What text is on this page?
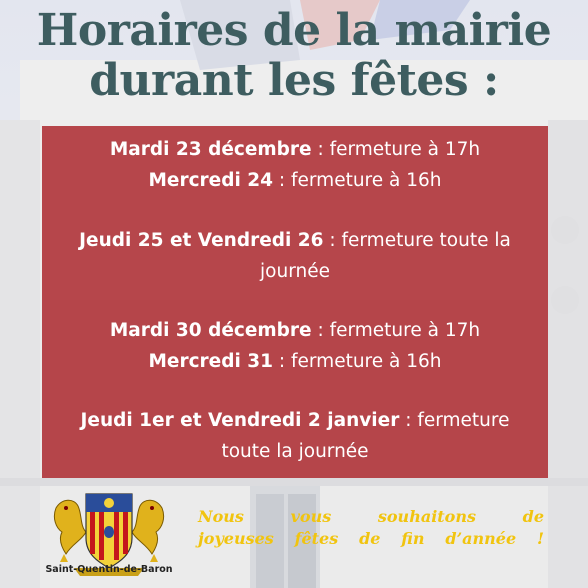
Horaires de la mairie
durant les fêtes :
Mardi 23 décembre : fermeture à 17h
Mercredi 24 : fermeture à 16h
Jeudi 25 et Vendredi 26 : fermeture toute la
journée
Mardi 30 décembre : fermeture à 17h
Mercredi 31 : fermeture à 16h
Jeudi 1er et Vendredi 2 janvier : fermeture
toute la journée
Saint-Quentin-de-Baron
Nous vous souhaitons de
joyeuses fêtes de fin d’année !
